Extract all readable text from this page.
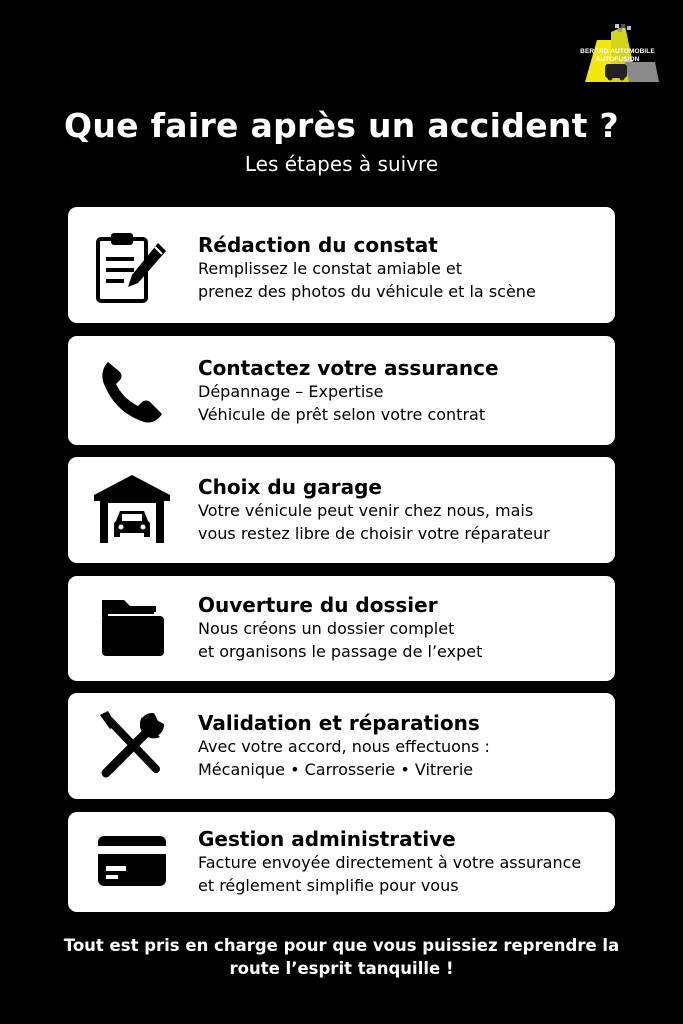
BERARD AUTOMOBILE
AUTOFUSION
Que faire après un accident ?
Les étapes à suivre
Rédaction du constat
Remplissez le constat amiable et
prenez des photos du véhicule et la scène
Contactez votre assurance
Dépannage – Expertise
Véhicule de prêt selon votre contrat
Choix du garage
Votre vénicule peut venir chez nous, mais
vous restez libre de choisir votre réparateur
Ouverture du dossier
Nous créons un dossier complet
et organisons le passage de l’expet
Validation et réparations
Avec votre accord, nous effectuons :
Mécanique • Carrosserie • Vitrerie
Gestion administrative
Facture envoyée directement à votre assurance
et réglement simplifie pour vous
Tout est pris en charge pour que vous puissiez reprendre la
route l’esprit tanquille !
